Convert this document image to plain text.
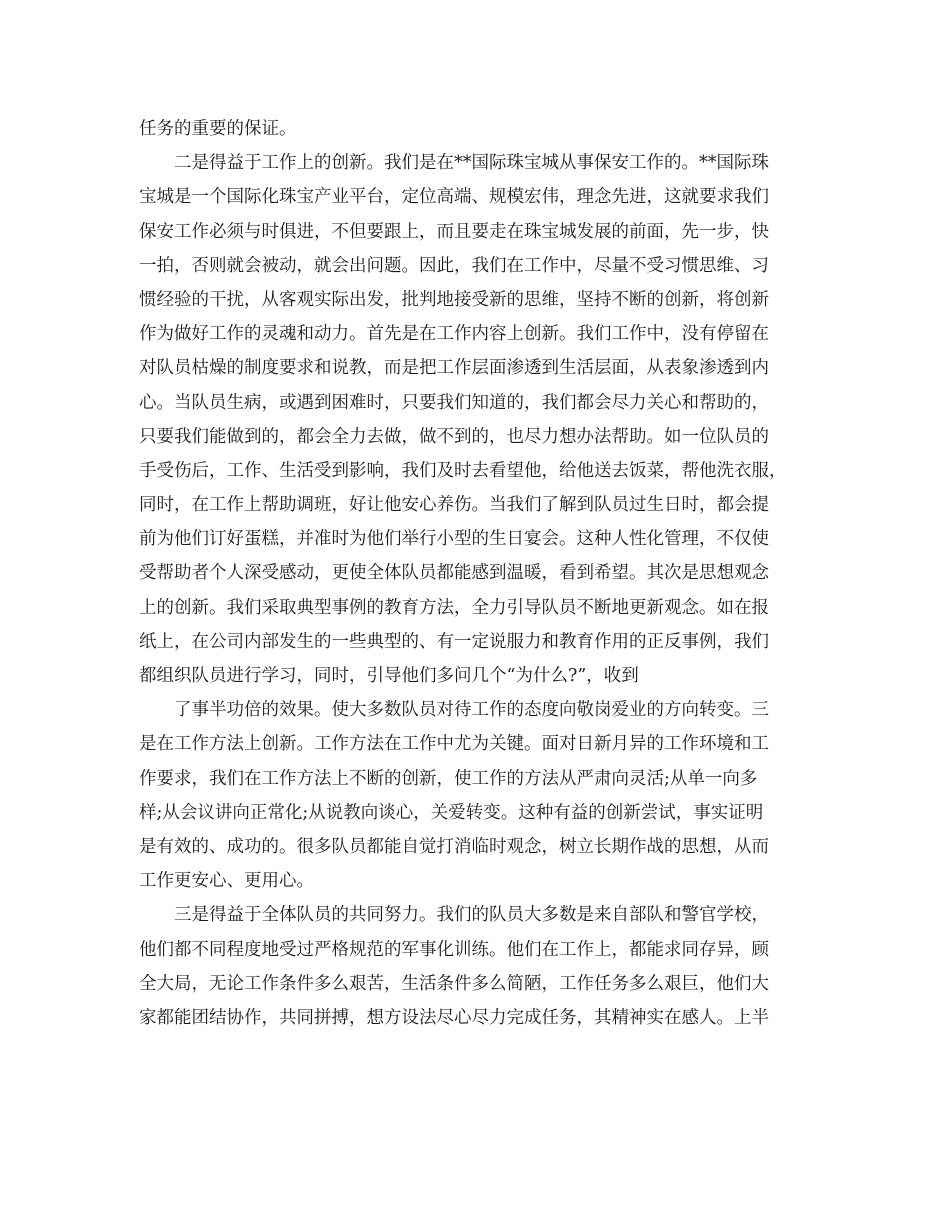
任务的重要的保证。
二是得益于工作上的创新。我们是在**国际珠宝城从事保安工作的。**国际珠
宝城是一个国际化珠宝产业平台，定位高端、规模宏伟，理念先进，这就要求我们
保安工作必须与时俱进，不但要跟上，而且要走在珠宝城发展的前面，先一步，快
一拍，否则就会被动，就会出问题。因此，我们在工作中，尽量不受习惯思维、习
惯经验的干扰，从客观实际出发，批判地接受新的思维，坚持不断的创新，将创新
作为做好工作的灵魂和动力。首先是在工作内容上创新。我们工作中，没有停留在
对队员枯燥的制度要求和说教，而是把工作层面渗透到生活层面，从表象渗透到内
心。当队员生病，或遇到困难时，只要我们知道的，我们都会尽力关心和帮助的，
只要我们能做到的，都会全力去做，做不到的，也尽力想办法帮助。如一位队员的
手受伤后，工作、生活受到影响，我们及时去看望他，给他送去饭菜，帮他洗衣服，
同时，在工作上帮助调班，好让他安心养伤。当我们了解到队员过生日时，都会提
前为他们订好蛋糕，并准时为他们举行小型的生日宴会。这种人性化管理，不仅使
受帮助者个人深受感动，更使全体队员都能感到温暖，看到希望。其次是思想观念
上的创新。我们采取典型事例的教育方法，全力引导队员不断地更新观念。如在报
纸上，在公司内部发生的一些典型的、有一定说服力和教育作用的正反事例，我们
都组织队员进行学习，同时，引导他们多问几个“为什么?”，收到
了事半功倍的效果。使大多数队员对待工作的态度向敬岗爱业的方向转变。三
是在工作方法上创新。工作方法在工作中尤为关键。面对日新月异的工作环境和工
作要求，我们在工作方法上不断的创新，使工作的方法从严肃向灵活;从单一向多
样;从会议讲向正常化;从说教向谈心，关爱转变。这种有益的创新尝试，事实证明
是有效的、成功的。很多队员都能自觉打消临时观念，树立长期作战的思想，从而
工作更安心、更用心。
三是得益于全体队员的共同努力。我们的队员大多数是来自部队和警官学校，
他们都不同程度地受过严格规范的军事化训练。他们在工作上，都能求同存异，顾
全大局，无论工作条件多么艰苦，生活条件多么简陋，工作任务多么艰巨，他们大
家都能团结协作，共同拼搏，想方设法尽心尽力完成任务，其精神实在感人。上半
